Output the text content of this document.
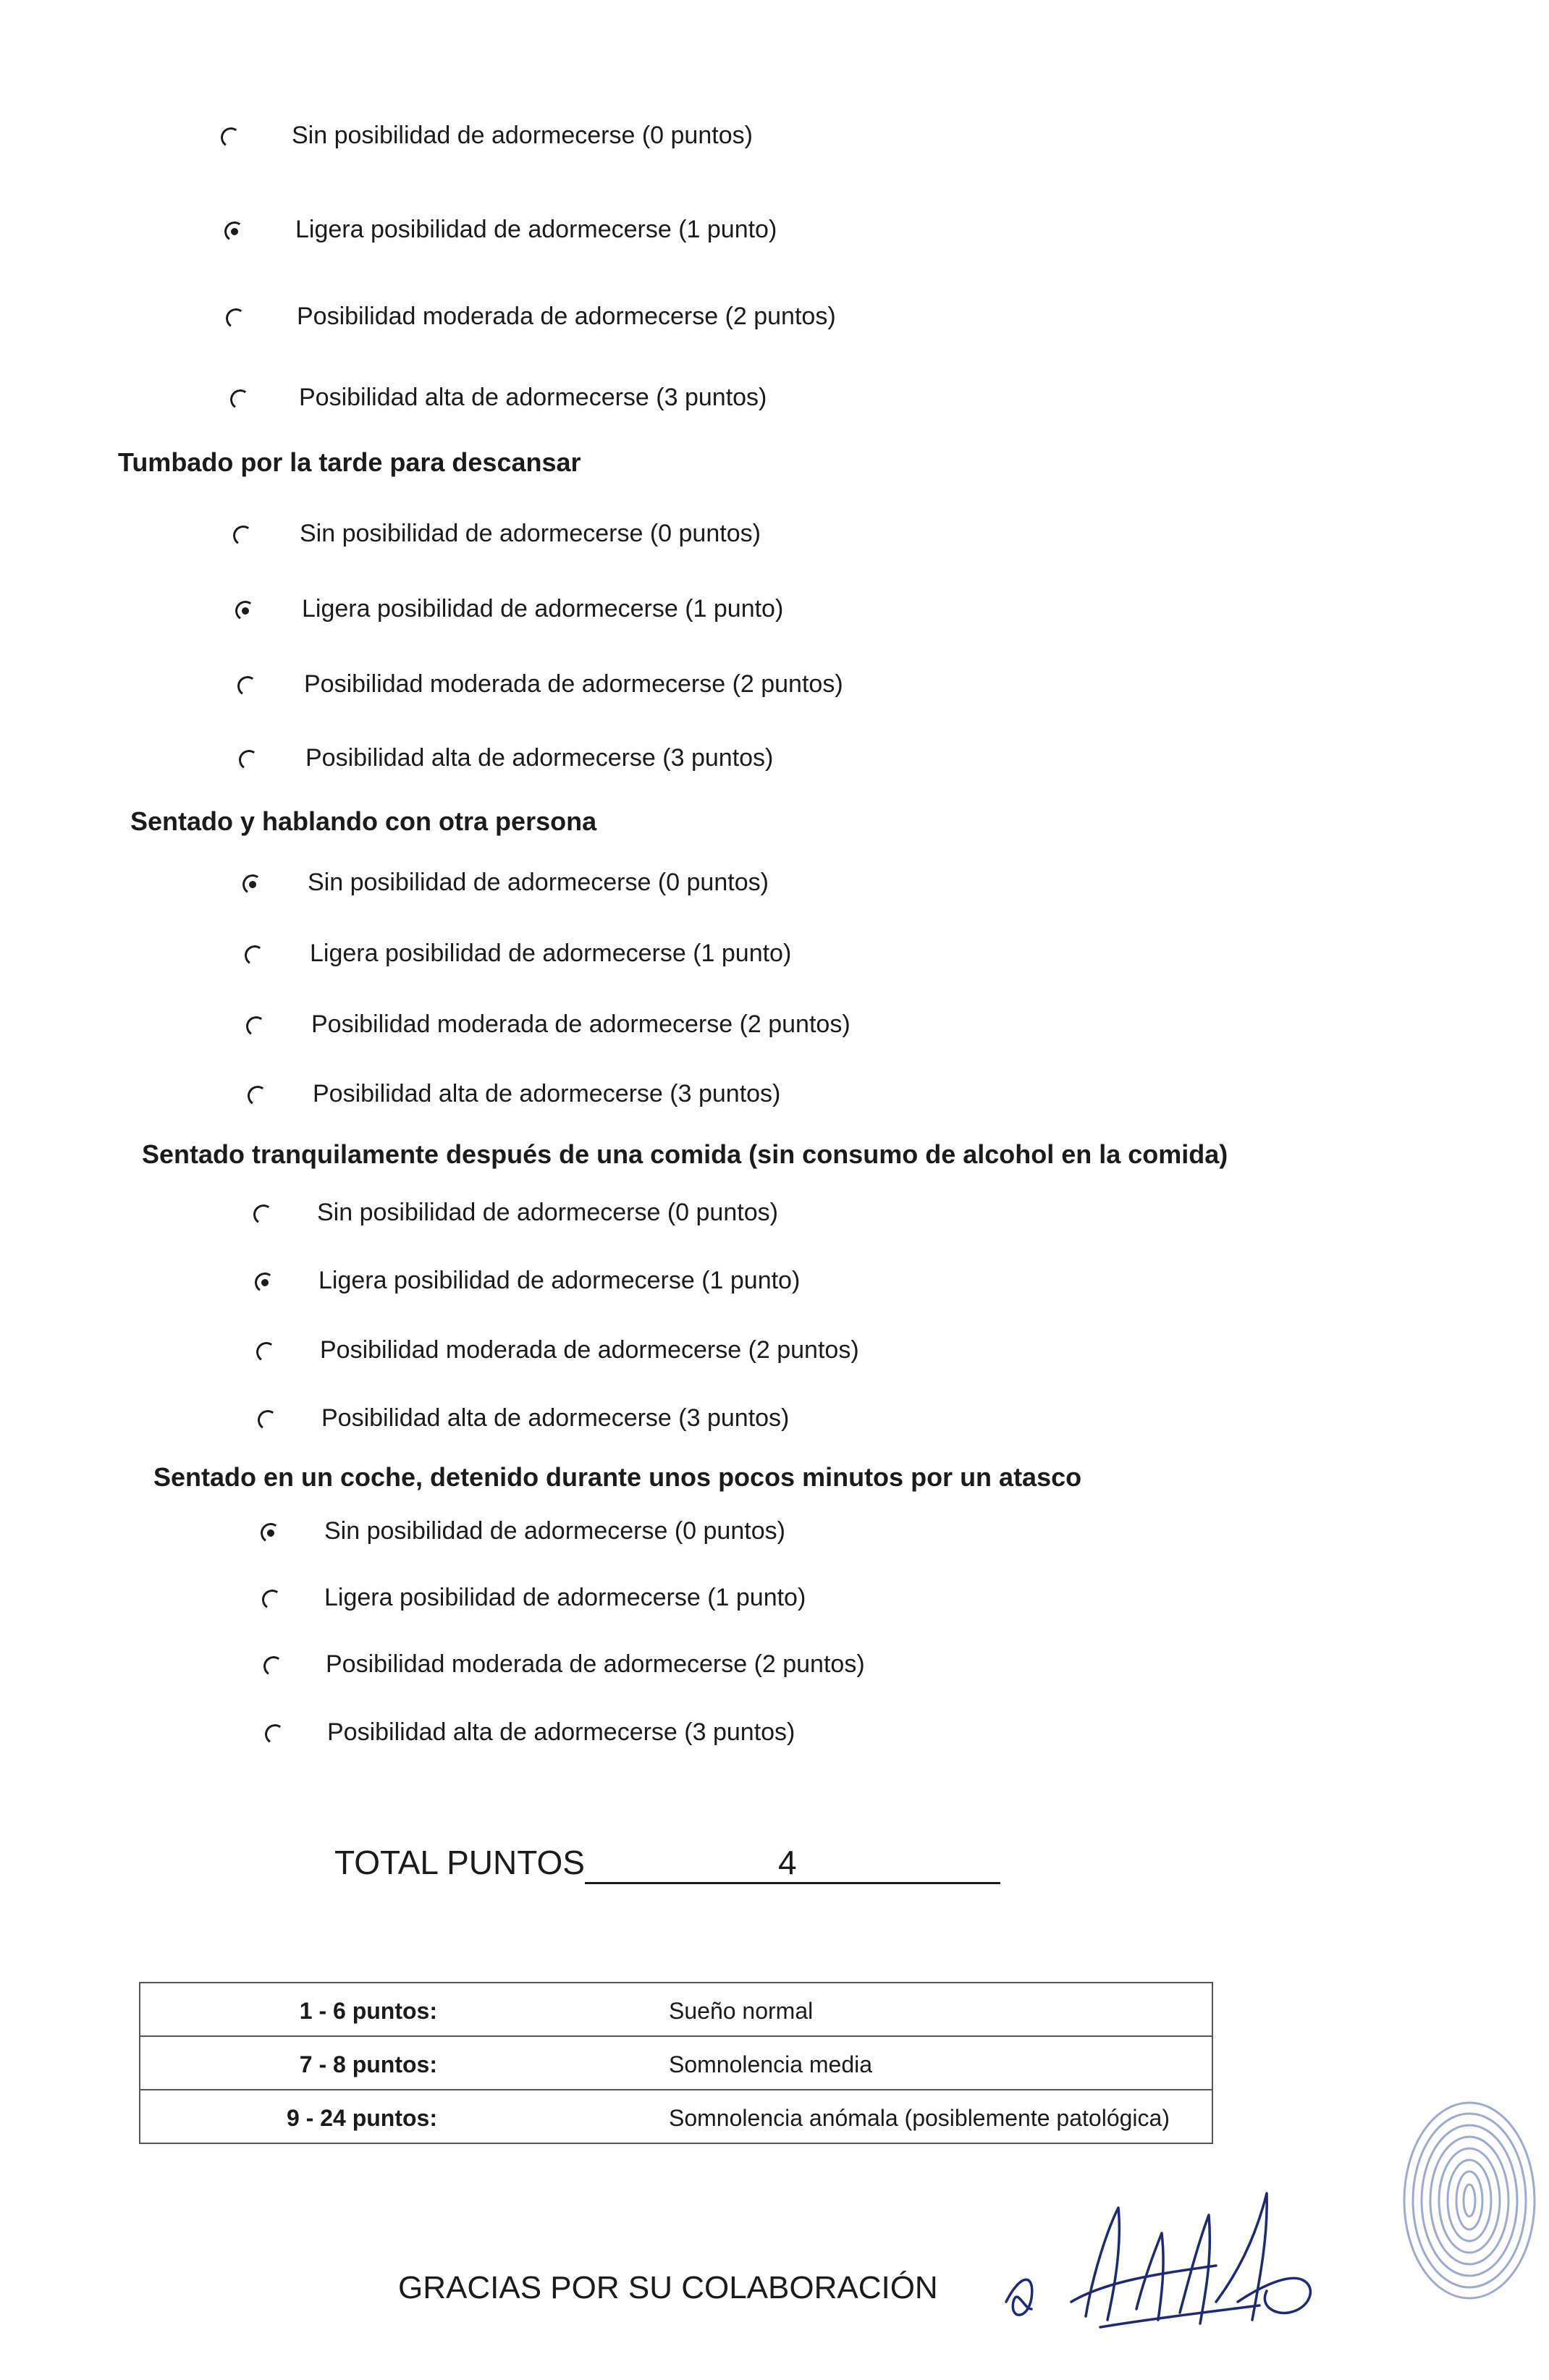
Sin posibilidad de adormecerse (0 puntos)
Ligera posibilidad de adormecerse (1 punto)
Posibilidad moderada de adormecerse (2 puntos)
Posibilidad alta de adormecerse (3 puntos)
Tumbado por la tarde para descansar
Sin posibilidad de adormecerse (0 puntos)
Ligera posibilidad de adormecerse (1 punto)
Posibilidad moderada de adormecerse (2 puntos)
Posibilidad alta de adormecerse (3 puntos)
Sentado y hablando con otra persona
Sin posibilidad de adormecerse (0 puntos)
Ligera posibilidad de adormecerse (1 punto)
Posibilidad moderada de adormecerse (2 puntos)
Posibilidad alta de adormecerse (3 puntos)
Sentado tranquilamente después de una comida (sin consumo de alcohol en la comida)
Sin posibilidad de adormecerse (0 puntos)
Ligera posibilidad de adormecerse (1 punto)
Posibilidad moderada de adormecerse (2 puntos)
Posibilidad alta de adormecerse (3 puntos)
Sentado en un coche, detenido durante unos pocos minutos por un atasco
Sin posibilidad de adormecerse (0 puntos)
Ligera posibilidad de adormecerse (1 punto)
Posibilidad moderada de adormecerse (2 puntos)
Posibilidad alta de adormecerse (3 puntos)
TOTAL PUNTOS	4
1 - 6 puntos:	Sueño normal
7 - 8 puntos:	Somnolencia media
9 - 24 puntos:	Somnolencia anómala (posiblemente patológica)
GRACIAS POR SU COLABORACIÓN
